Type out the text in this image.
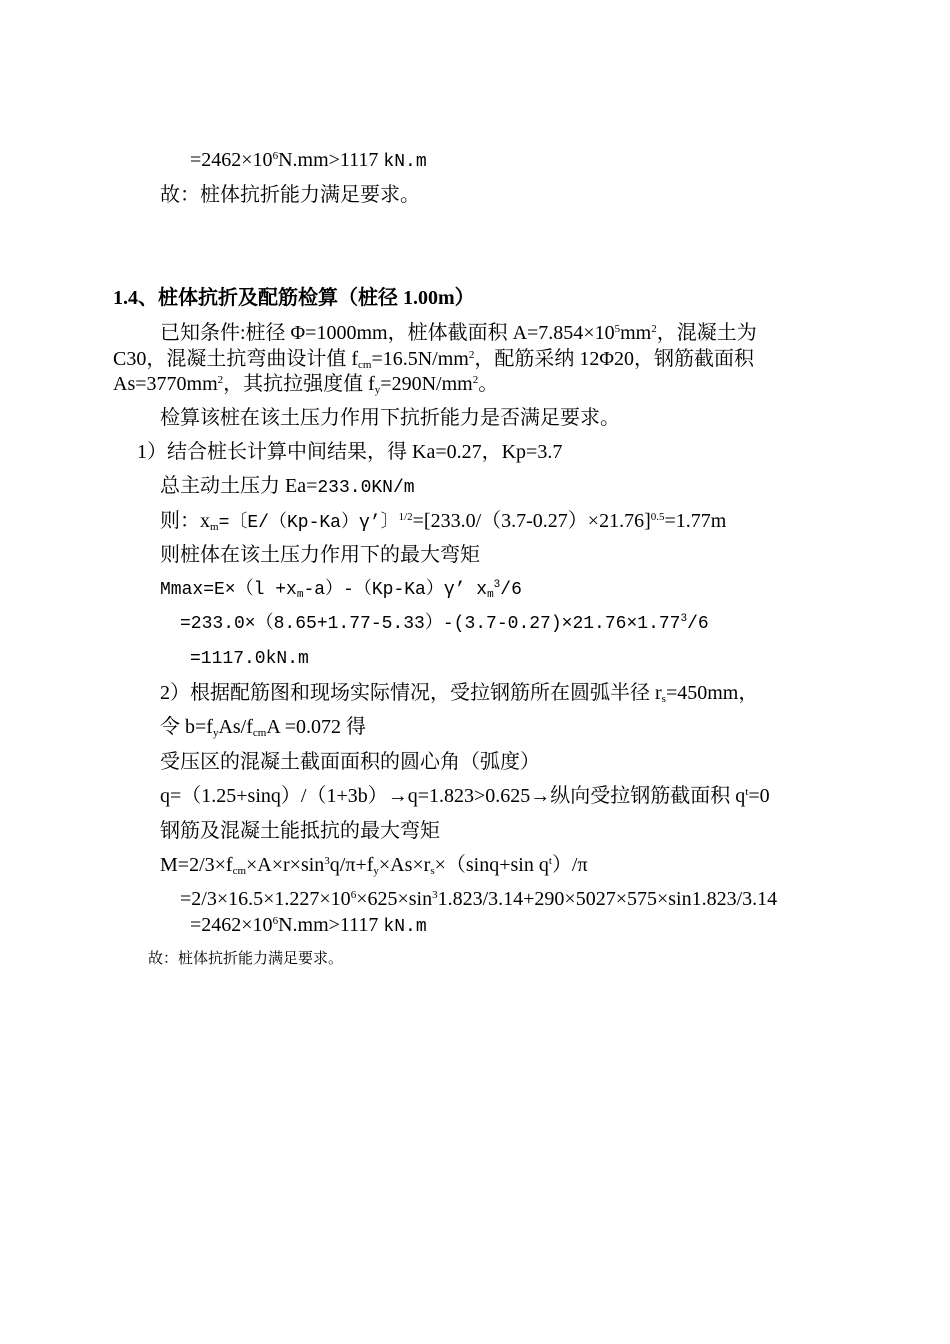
$=2462\times 10^6N.mm>1117$ kN.m
故：桩体抗折能力满足要求。
1.4、桩体抗折及配筋检算（桩径 1.00m）
已知条件:桩径 Φ=1000mm，桩体截面积 $A=7.854\times 10^5mm^2$，混凝土为
C30，混凝土抗弯曲设计值 $f_{cm}=16.5N/mm^2$，配筋采纳 12Φ20，钢筋截面积
$As=3770mm^2$，其抗拉强度值 $f_y=290N/mm^2$。
检算该桩在该土压力作用下抗折能力是否满足要求。
1）结合桩长计算中间结果，得 Ka=0.27，Kp=3.7
总主动土压力 Ea=233.0KN/m
则：$x_m=$〔E/（Kp-Ka）γ’〕$^{1/2}=[233.0/(3.7-0.27)\times 21.76]^{0.5}=1.77m$
则桩体在该土压力作用下的最大弯矩
$Mmax=E\times(l +x_m-a)-(Kp-Ka)\gamma$’ $x_m^3/6$
$=233.0\times(8.65+1.77-5.33)-(3.7-0.27)\times 21.76\times 1.77^3/6$
=1117.0kN.m
2）根据配筋图和现场实际情况，受拉钢筋所在圆弧半径 $r_s=450mm$，
令 $b=f_yAs/f_{cm}A =0.072$ 得
受压区的混凝土截面面积的圆心角（弧度）
q=（1.25+sinq）/（1+3b）→q=1.823>0.625→纵向受拉钢筋截面积 $q^t=0$
钢筋及混凝土能抵抗的最大弯矩
$M=2/3\times f_{cm}\times A\times r\times\sin^3q/\pi+f_y\times As\times r_s\times(\sin q+\sin$ $q^t)/\pi$
$=2/3\times 16.5\times 1.227\times 10^6\times 625\times\sin^31.823/3.14+290\times 5027\times 575\times\sin 1.823/3.14$
$=2462\times 10^6N.mm>1117$ kN.m
故：桩体抗折能力满足要求。
